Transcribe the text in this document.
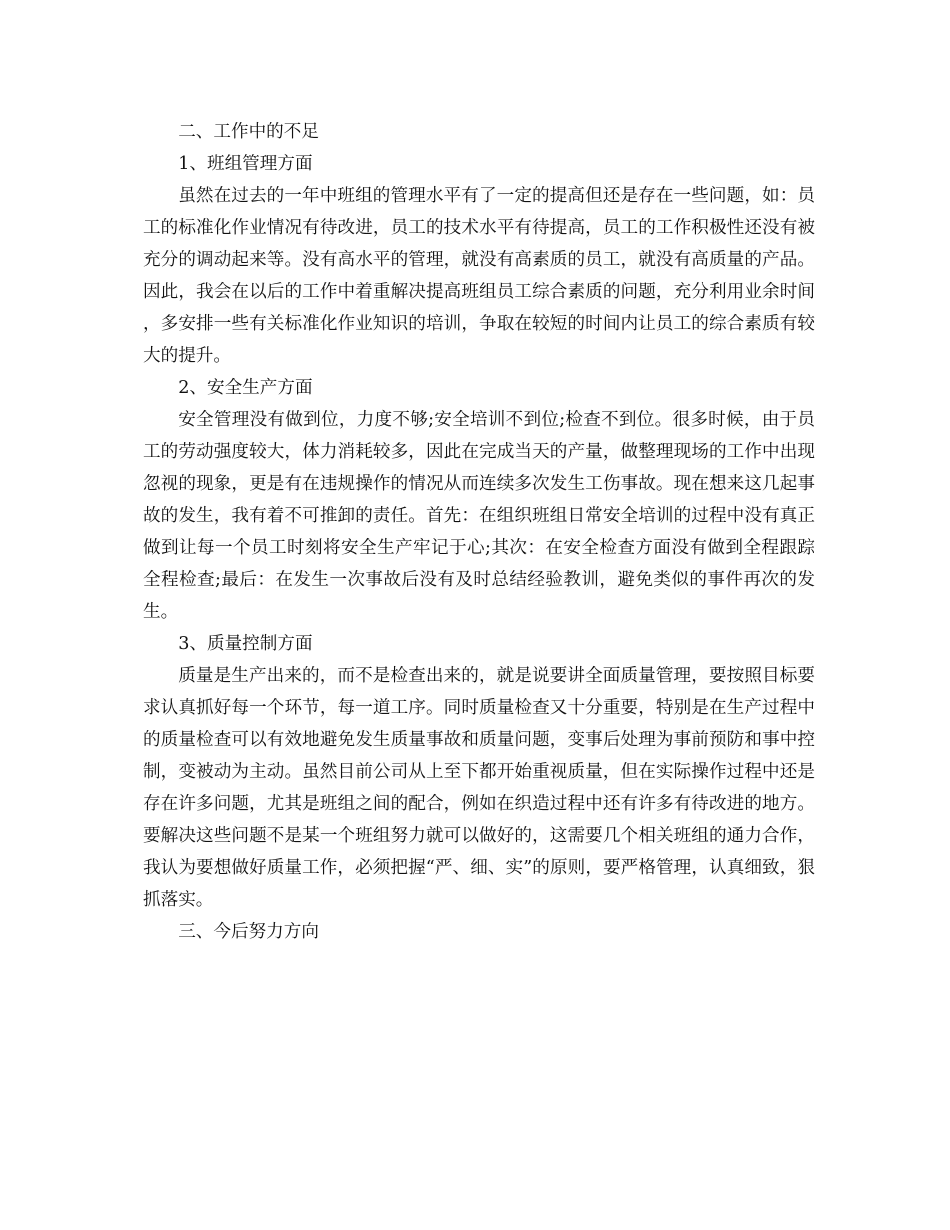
二、工作中的不足

1、班组管理方面

虽然在过去的一年中班组的管理水平有了一定的提高但还是存在一些问题，如：员工的标准化作业情况有待改进，员工的技术水平有待提高，员工的工作积极性还没有被充分的调动起来等。没有高水平的管理，就没有高素质的员工，就没有高质量的产品。因此，我会在以后的工作中着重解决提高班组员工综合素质的问题，充分利用业余时间，多安排一些有关标准化作业知识的培训，争取在较短的时间内让员工的综合素质有较大的提升。

2、安全生产方面

安全管理没有做到位，力度不够;安全培训不到位;检查不到位。很多时候，由于员工的劳动强度较大，体力消耗较多，因此在完成当天的产量，做整理现场的工作中出现忽视的现象，更是有在违规操作的情况从而连续多次发生工伤事故。现在想来这几起事故的发生，我有着不可推卸的责任。首先：在组织班组日常安全培训的过程中没有真正做到让每一个员工时刻将安全生产牢记于心;其次：在安全检查方面没有做到全程跟踪全程检查;最后：在发生一次事故后没有及时总结经验教训，避免类似的事件再次的发生。

3、质量控制方面

质量是生产出来的，而不是检查出来的，就是说要讲全面质量管理，要按照目标要求认真抓好每一个环节，每一道工序。同时质量检查又十分重要，特别是在生产过程中的质量检查可以有效地避免发生质量事故和质量问题，变事后处理为事前预防和事中控制，变被动为主动。虽然目前公司从上至下都开始重视质量，但在实际操作过程中还是存在许多问题，尤其是班组之间的配合，例如在织造过程中还有许多有待改进的地方。要解决这些问题不是某一个班组努力就可以做好的，这需要几个相关班组的通力合作，我认为要想做好质量工作，必须把握“严、细、实”的原则，要严格管理，认真细致，狠抓落实。

三、今后努力方向
